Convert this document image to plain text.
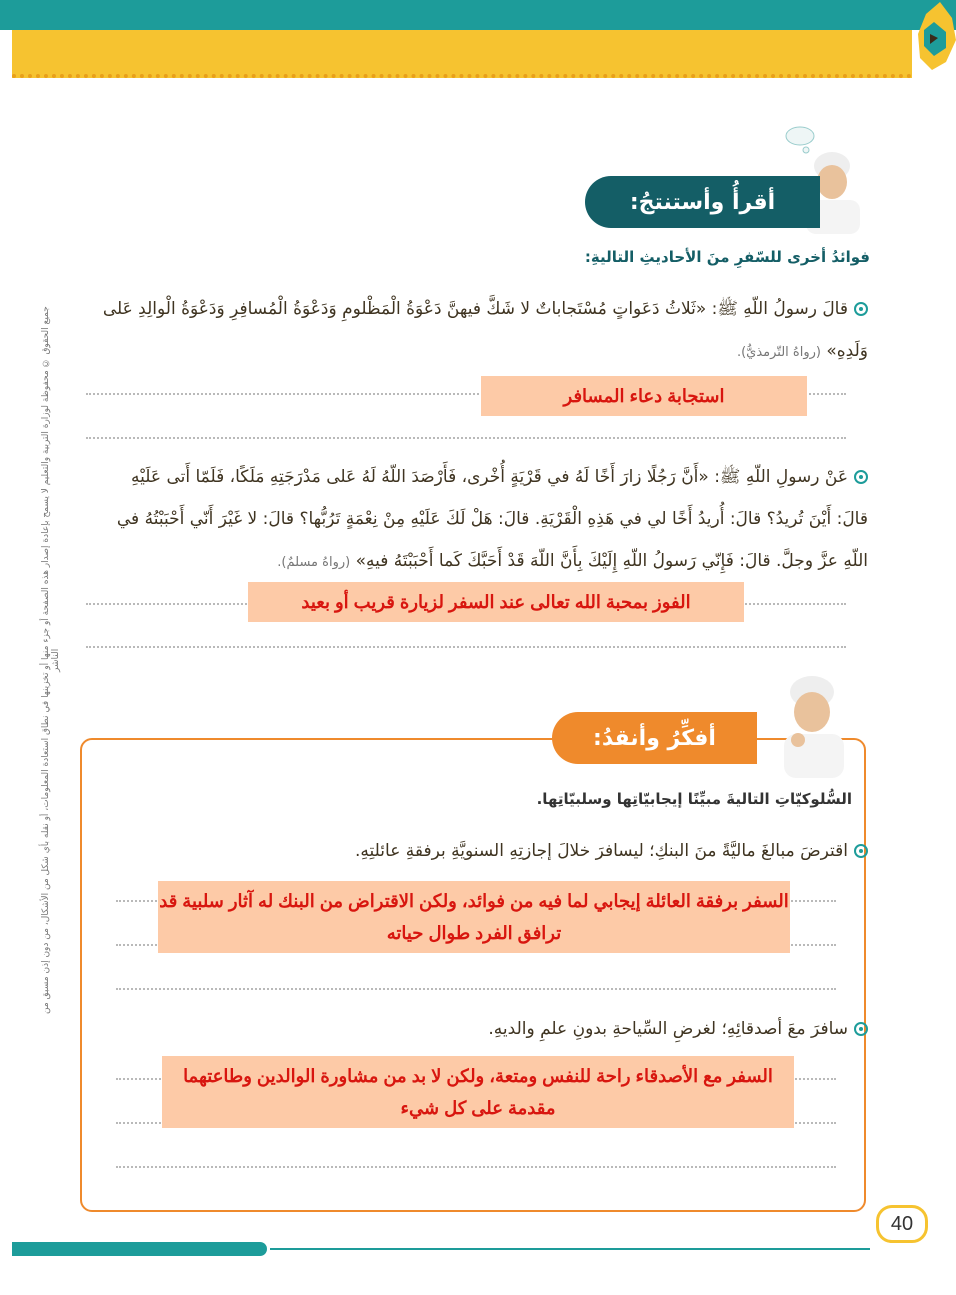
جميع الحقوق © محفوظة لوزارة التربية والتعليم لا يسمح بإعادة إصدار هذه الصفحة أو جزء منها أو تخزينها في نطاق استعادة المعلومات، أو نقله بأي شكل من الأشكال، من دون إذن مسبق من الناشر
أقرأُ وأستنتجُ:
فوائدُ أخرى للسّفرِ منَ الأحاديثِ التاليةِ:
قالَ رسولُ اللّهِ ﷺ: «ثَلاثُ دَعَواتٍ مُسْتَجاباتٌ لا شَكَّ فيهنَّ دَعْوَةُ الْمَظْلومِ وَدَعْوَةُ الْمُسافِرِ وَدَعْوَةُ الْوالِدِ عَلى وَلَدِهِ» (رواهُ التّرمذيُّ).
استجابة دعاء المسافر
عَنْ رسولِ اللّهِ ﷺ: «أَنَّ رَجُلًا زارَ أَخًا لَهُ في قَرْيَةٍ أُخْرى، فَأَرْصَدَ اللّهُ لَهُ عَلى مَدْرَجَتِهِ مَلَكًا، فَلَمّا أَتى عَلَيْهِ قالَ: أَيْنَ تُريدُ؟ قالَ: أُريدُ أَخًا لي في هَذِهِ الْقَرْيَةِ. قالَ: هَلْ لَكَ عَلَيْهِ مِنْ نِعْمَةٍ تَرُبُّها؟ قالَ: لا غَيْرَ أَنّي أَحْبَبْتُهُ في اللّهِ عزَّ وجلَّ. قالَ: فَإِنّي رَسولُ اللّهِ إِلَيْكَ بِأَنَّ اللّهَ قَدْ أَحَبَّكَ كَما أَحْبَبْتَهُ فيهِ» (رواهُ مسلمٌ).
الفوز بمحبة الله تعالى عند السفر لزيارة قريب أو بعيد
أفكِّرُ وأنقدُ:
السُّلوكيّاتِ التاليةَ مبيِّنًا إيجابيّاتِها وسلبيّاتِها.
اقترضَ مبالغَ ماليَّةً منَ البنكِ؛ ليسافرَ خلالَ إجازتِهِ السنويَّةِ برفقةِ عائلتِهِ.
السفر برفقة العائلة إيجابي لما فيه من فوائد، ولكن الاقتراض من البنك له آثار سلبية قد ترافق الفرد طوال حياته
سافرَ معَ أصدقائِهِ؛ لغرضِ السِّياحةِ بدونِ علمِ والديهِ.
السفر مع الأصدقاء راحة للنفس ومتعة، ولكن لا بد من مشاورة الوالدين وطاعتهما مقدمة على كل شيء
40
